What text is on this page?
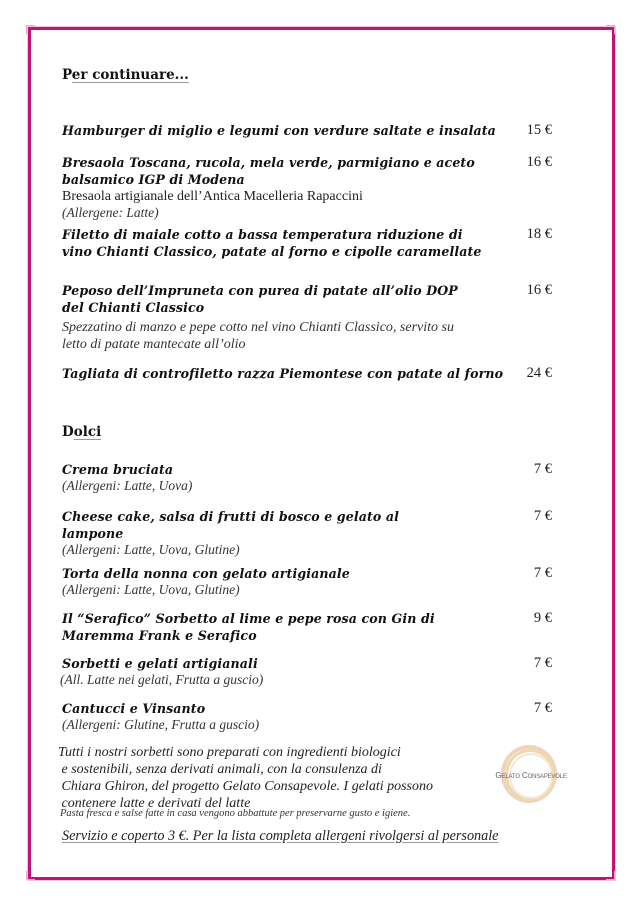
Per continuare...
Hamburger di miglio e legumi con verdure saltate e insalata	15 €
Bresaola Toscana, rucola, mela verde, parmigiano e aceto balsamico IGP di Modena
Bresaola artigianale dell’Antica Macelleria Rapaccini
(Allergene: Latte)
16 €
Filetto di maiale cotto a bassa temperatura riduzione di vino Chianti Classico, patate al forno e cipolle caramellate
18 €
Peposo dell’Impruneta con purea di patate all’olio DOP del Chianti Classico
Spezzatino di manzo e pepe cotto nel vino Chianti Classico, servito su letto di patate mantecate all’olio
16 €
Tagliata di controfiletto razza Piemontese con patate al forno	24 €
Dolci
Crema bruciata
(Allergeni: Latte, Uova)
7 €
Cheese cake, salsa di frutti di bosco e gelato al lampone
(Allergeni: Latte, Uova, Glutine)
7 €
Torta della nonna con gelato artigianale
(Allergeni: Latte, Uova, Glutine)
7 €
Il “Serafico” Sorbetto al lime e pepe rosa con Gin di Maremma Frank e Serafico
9 €
Sorbetti e gelati artigianali
(All. Latte nei gelati, Frutta a guscio)
7 €
Cantucci e Vinsanto
(Allergeni: Glutine, Frutta a guscio)
7 €
Tutti i nostri sorbetti sono preparati con ingredienti biologici
e sostenibili, senza derivati animali, con la consulenza di
Chiara Ghiron, del progetto Gelato Consapevole. I gelati possono
contenere latte e derivati del latte
Pasta fresca e salse fatte in casa vengono abbattute per preservarne gusto e igiene.
Gelato Consapevole
Servizio e coperto 3 €. Per la lista completa allergeni rivolgersi al personale
